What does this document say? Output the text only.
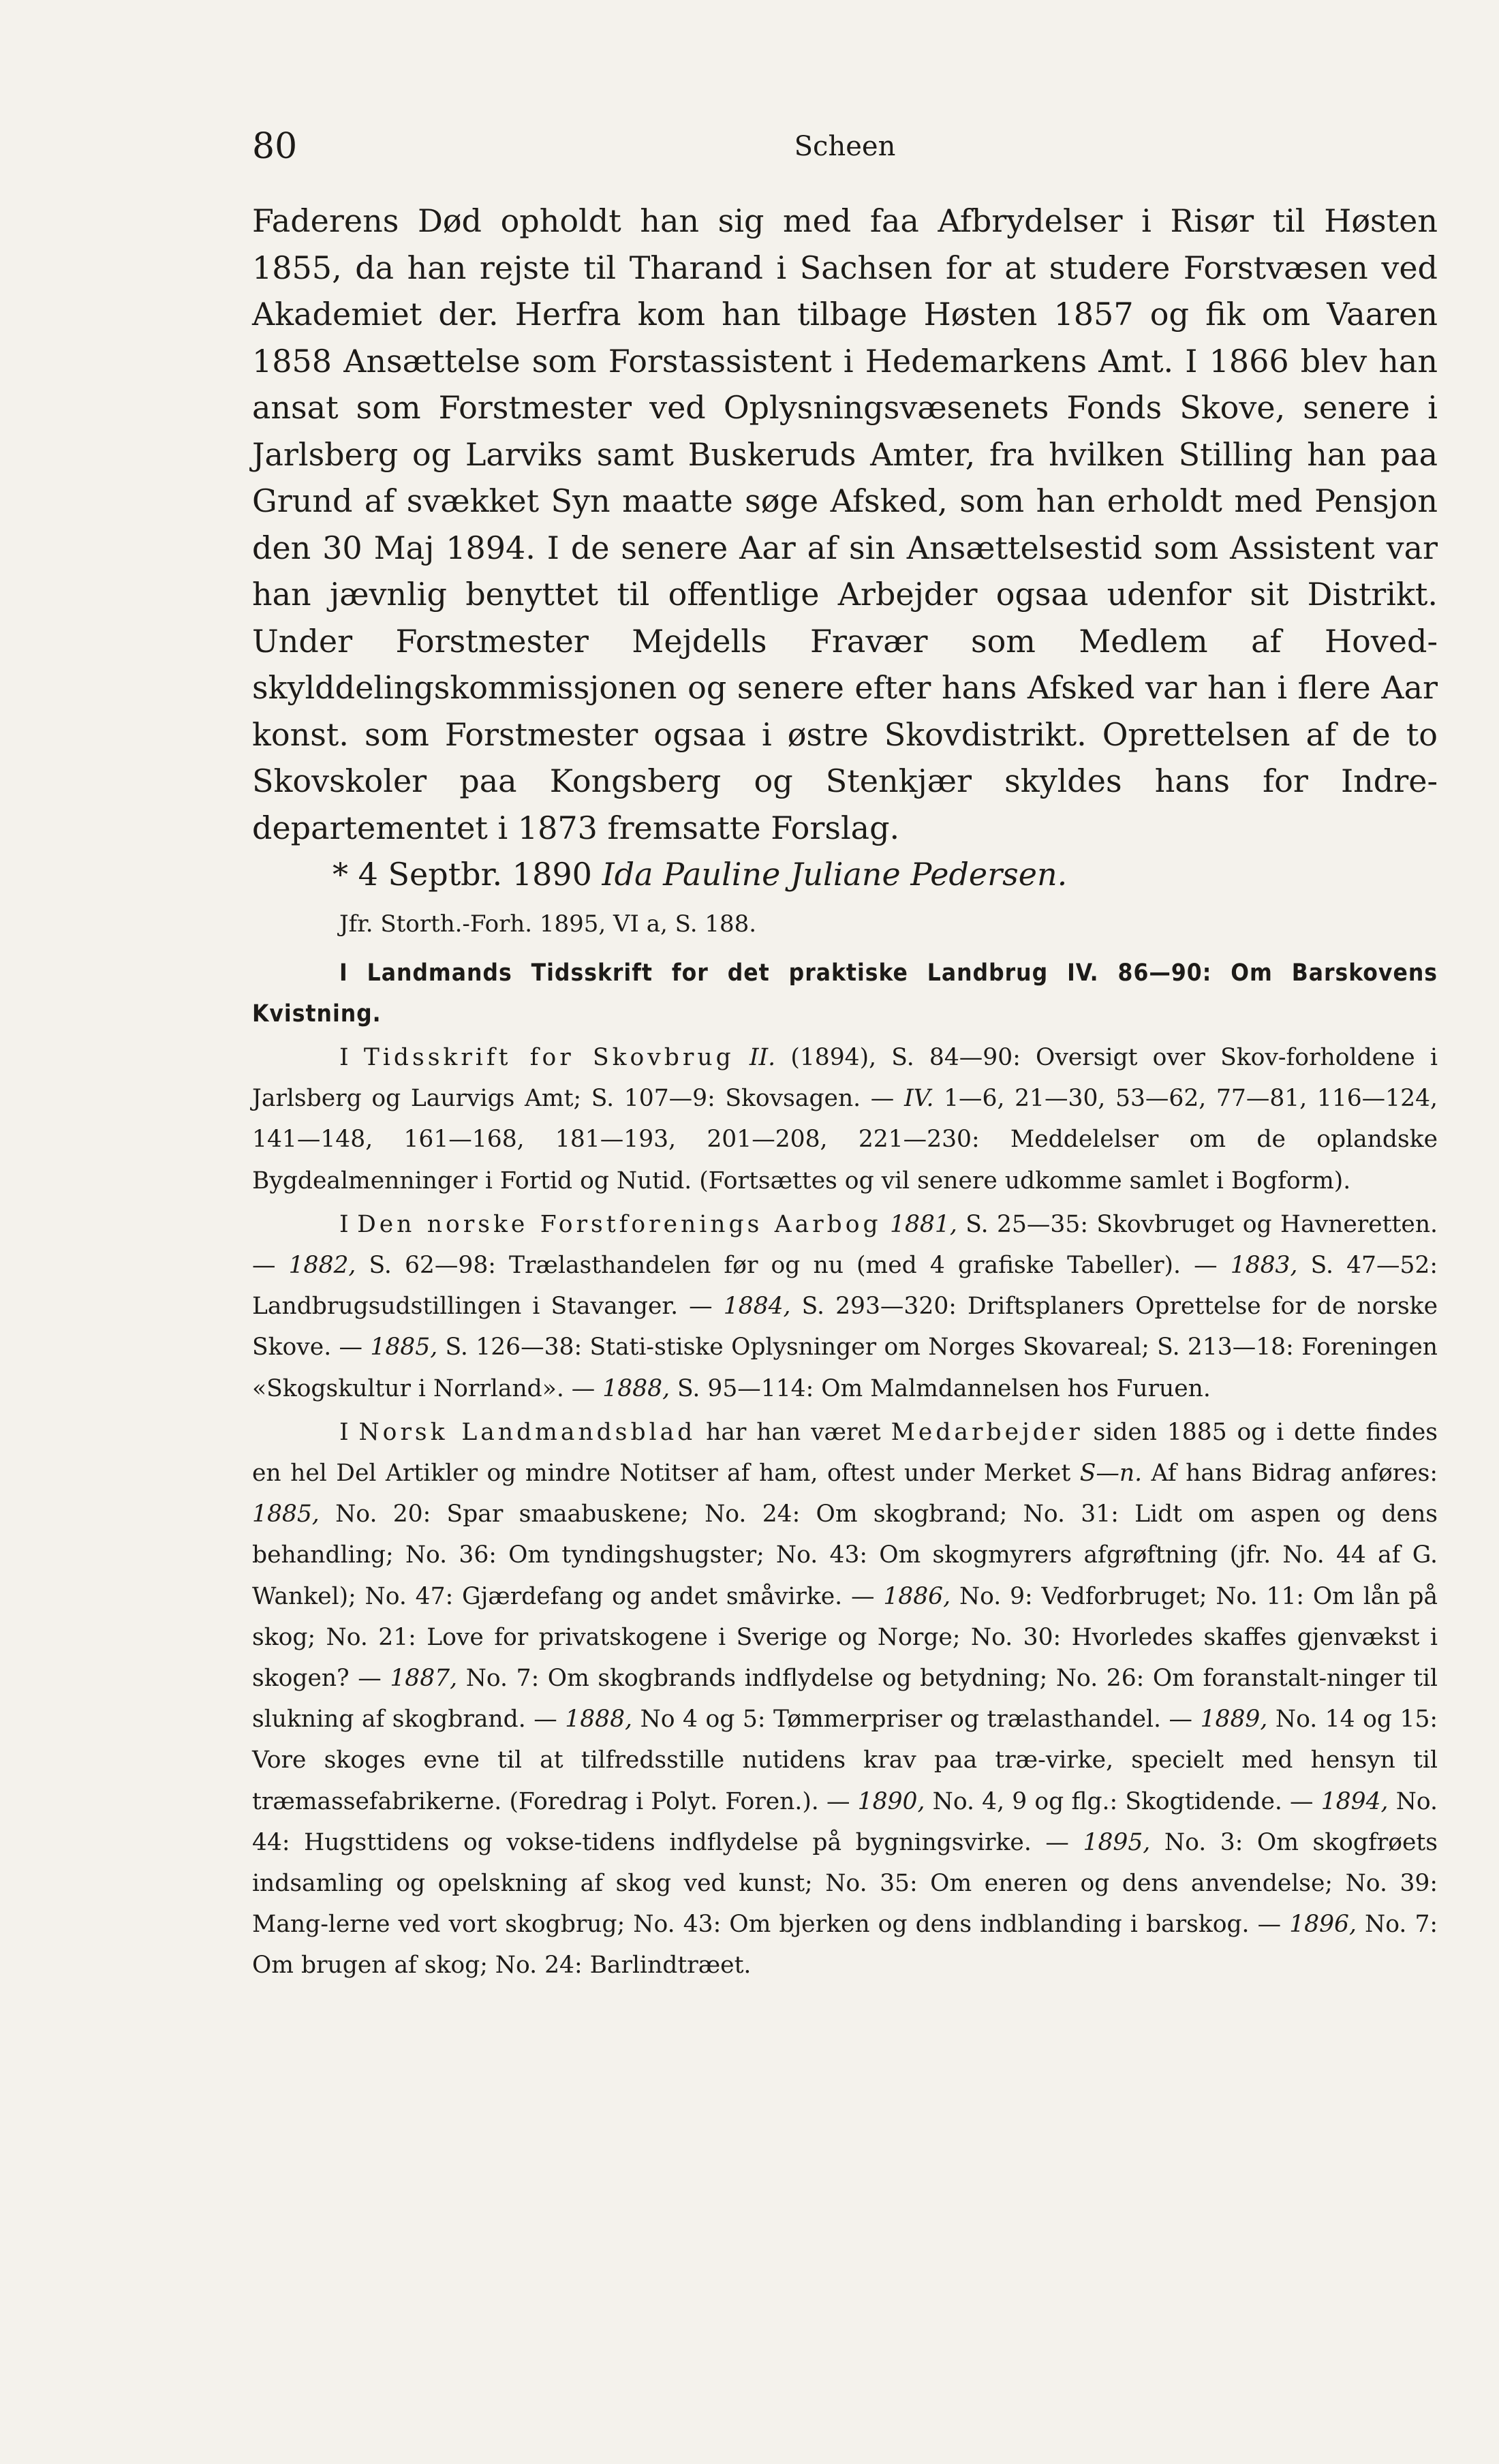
80	Scheen

Faderens Død opholdt han sig med faa Afbrydelser i Risør til Høsten 1855, da han rejste til Tharand i Sachsen for at studere Forstvæsen ved Akademiet der. Herfra kom han tilbage Høsten 1857 og fik om Vaaren 1858 Ansættelse som Forstassistent i Hedemarkens Amt. I 1866 blev han ansat som Forstmester ved Oplysningsvæsenets Fonds Skove, senere i Jarlsberg og Larviks samt Buskeruds Amter, fra hvilken Stilling han paa Grund af svækket Syn maatte søge Afsked, som han erholdt med Pensjon den 30 Maj 1894. I de senere Aar af sin Ansættelsestid som Assistent var han jævnlig benyttet til offentlige Arbejder ogsaa udenfor sit Distrikt. Under Forstmester Mejdells Fravær som Medlem af Hoved-skylddelingskommissjonen og senere efter hans Afsked var han i flere Aar konst. som Forstmester ogsaa i østre Skovdistrikt. Oprettelsen af de to Skovskoler paa Kongsberg og Stenkjær skyldes hans for Indre-departementet i 1873 fremsatte Forslag.

* 4 Septbr. 1890 Ida Pauline Juliane Pedersen.

Jfr. Storth.-Forh. 1895, VI a, S. 188.

I Landmands Tidsskrift for det praktiske Landbrug IV. 86—90: Om Barskovens Kvistning.

I Tidsskrift for Skovbrug II. (1894), S. 84—90: Oversigt over Skov-forholdene i Jarlsberg og Laurvigs Amt; S. 107—9: Skovsagen. — IV. 1—6, 21—30, 53—62, 77—81, 116—124, 141—148, 161—168, 181—193, 201—208, 221—230: Meddelelser om de oplandske Bygdealmenninger i Fortid og Nutid. (Fortsættes og vil senere udkomme samlet i Bogform).

I Den norske Forstforenings Aarbog 1881, S. 25—35: Skovbruget og Havneretten. — 1882, S. 62—98: Trælasthandelen før og nu (med 4 grafiske Tabeller). — 1883, S. 47—52: Landbrugsudstillingen i Stavanger. — 1884, S. 293—320: Driftsplaners Oprettelse for de norske Skove. — 1885, S. 126—38: Stati-stiske Oplysninger om Norges Skovareal; S. 213—18: Foreningen «Skogskultur i Norrland». — 1888, S. 95—114: Om Malmdannelsen hos Furuen.

I Norsk Landmandsblad har han været Medarbejder siden 1885 og i dette findes en hel Del Artikler og mindre Notitser af ham, oftest under Merket S—n. Af hans Bidrag anføres: 1885, No. 20: Spar smaabuskene; No. 24: Om skogbrand; No. 31: Lidt om aspen og dens behandling; No. 36: Om tyndingshugster; No. 43: Om skogmyrers afgrøftning (jfr. No. 44 af G. Wankel); No. 47: Gjærdefang og andet småvirke. — 1886, No. 9: Vedforbruget; No. 11: Om lån på skog; No. 21: Love for privatskogene i Sverige og Norge; No. 30: Hvorledes skaffes gjenvækst i skogen? — 1887, No. 7: Om skogbrands indflydelse og betydning; No. 26: Om foranstalt-ninger til slukning af skogbrand. — 1888, No 4 og 5: Tømmerpriser og trælasthandel. — 1889, No. 14 og 15: Vore skoges evne til at tilfredsstille nutidens krav paa træ-virke, specielt med hensyn til træmassefabrikerne. (Foredrag i Polyt. Foren.). — 1890, No. 4, 9 og flg.: Skogtidende. — 1894, No. 44: Hugsttidens og vokse-tidens indflydelse på bygningsvirke. — 1895, No. 3: Om skogfrøets indsamling og opelskning af skog ved kunst; No. 35: Om eneren og dens anvendelse; No. 39: Mang-lerne ved vort skogbrug; No. 43: Om bjerken og dens indblanding i barskog. — 1896, No. 7: Om brugen af skog; No. 24: Barlindtræet.
